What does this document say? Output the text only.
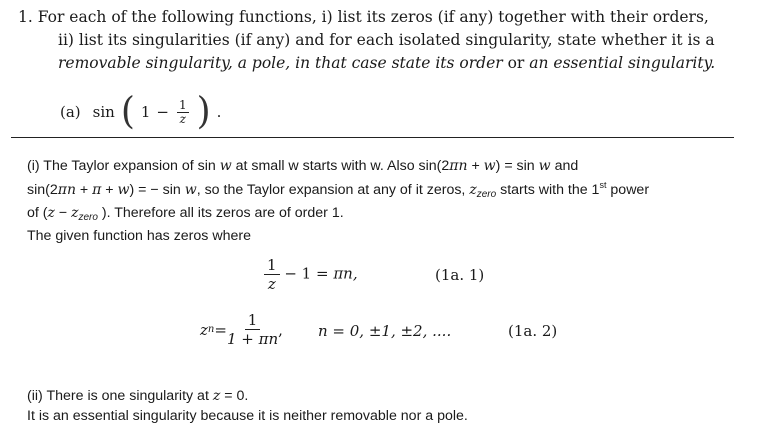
1. For each of the following functions, i) list its zeros (if any) together with their orders,
ii) list its singularities (if any) and for each isolated singularity, state whether it is a
removable singularity, a pole, in that case state its order or an essential singularity.
(a) sin ( $1 - \frac{1}{z}$ ) .
(i) The Taylor expansion of sin w at small w starts with w. Also sin(2πn + w) = sin w and
sin(2πn + π + w) = − sin w, so the Taylor expansion at any of it zeros, $z_{zero}$ starts with the 1st power
of ($z - z_{zero}$ ). Therefore all its zeros are of order 1.
The given function has zeros where
$\frac{1}{z} - 1 = \pi n$,	(1a. 1)
z $n = \frac{1}{1 + \pi n}$ , n = 0, ±1, ±2, ....	(1a. 2)
(ii) There is one singularity at z = 0.
It is an essential singularity because it is neither removable nor a pole.
